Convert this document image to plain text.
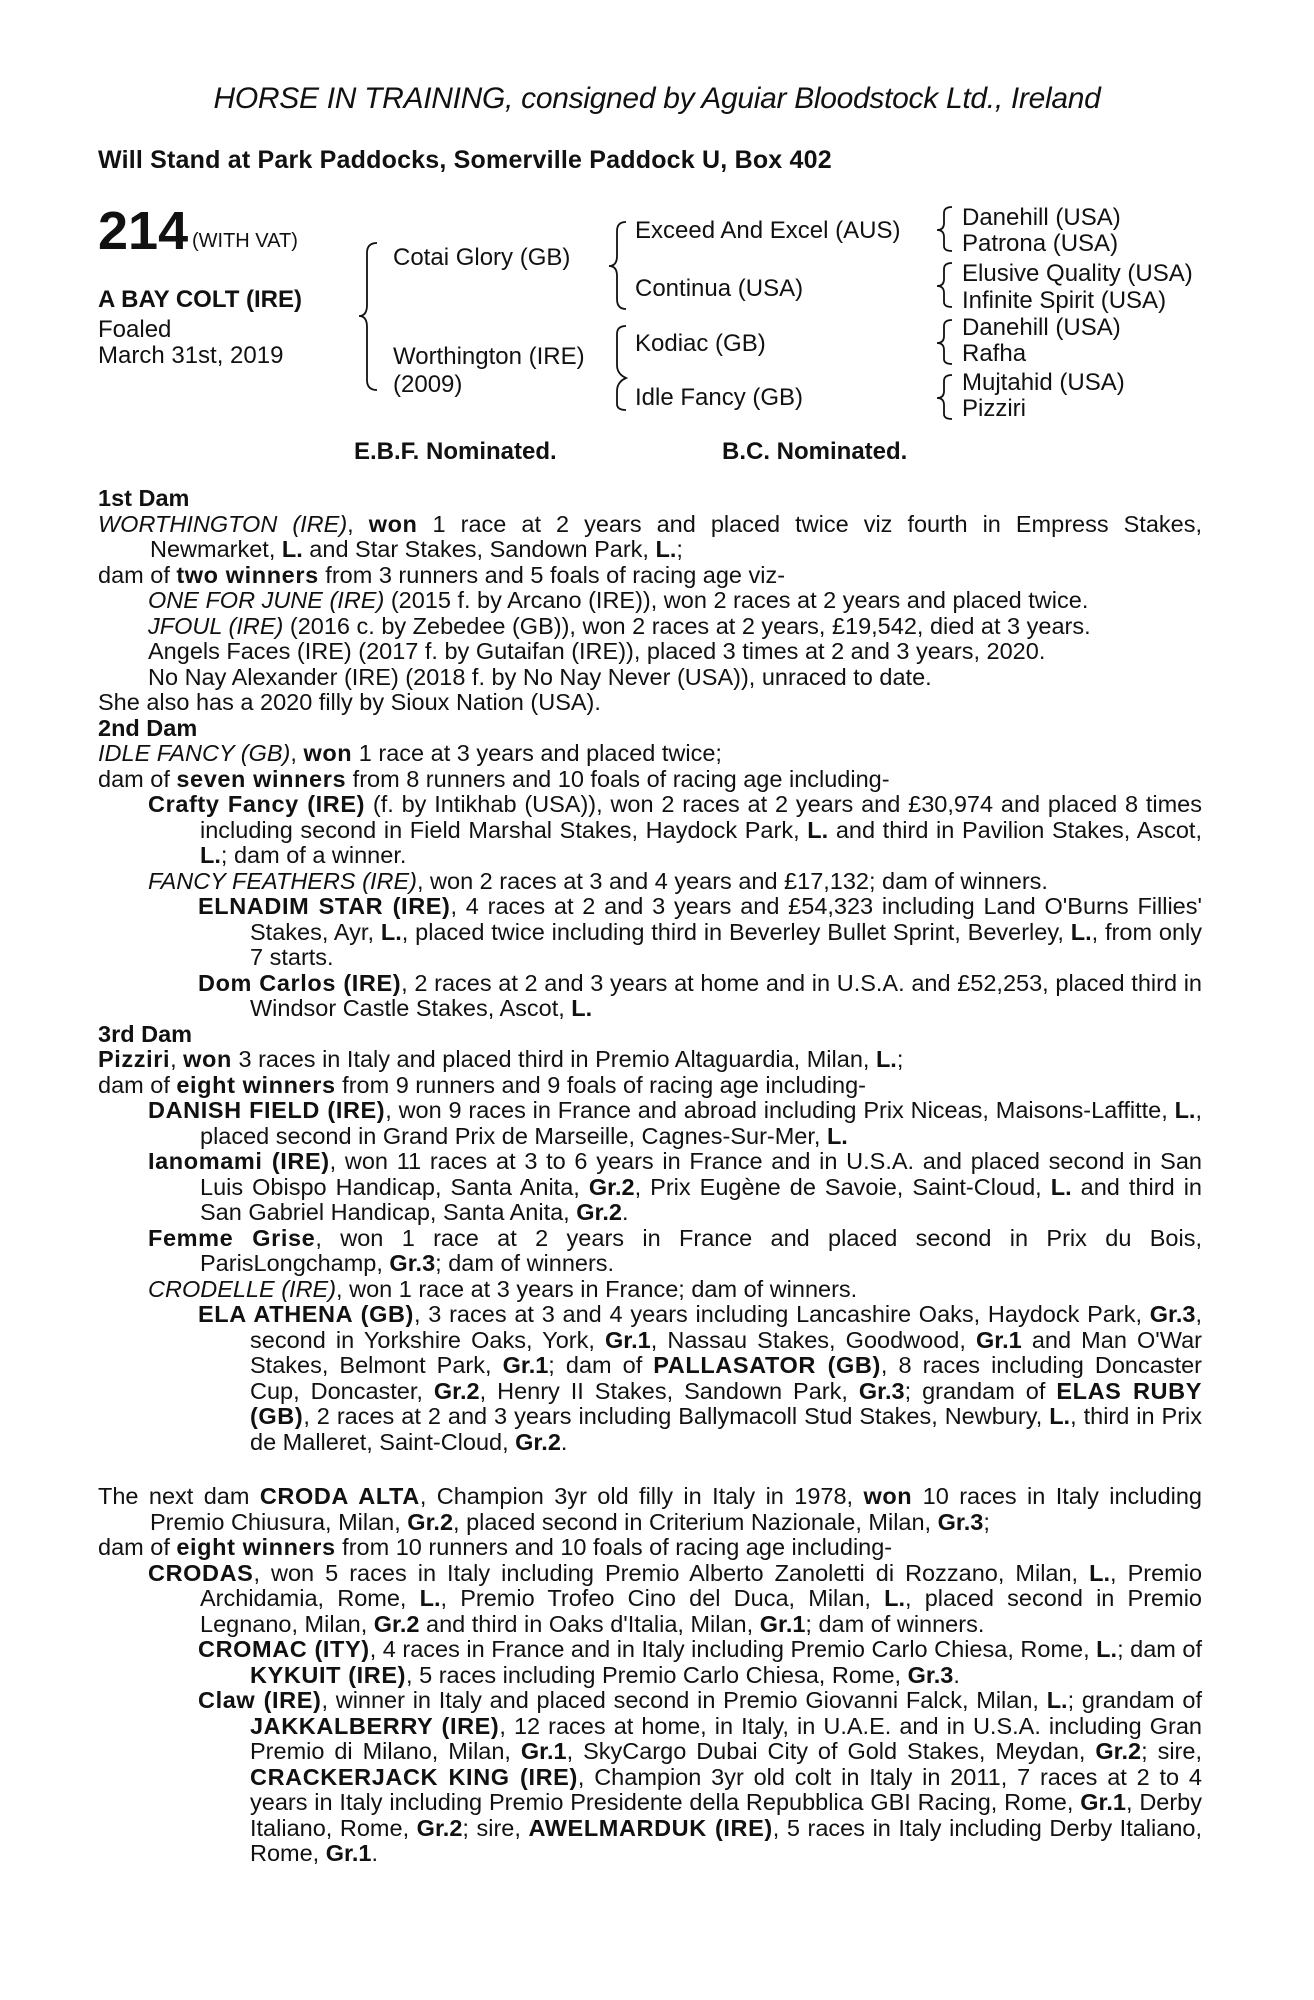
HORSE IN TRAINING, consigned by Aguiar Bloodstock Ltd., Ireland
Will Stand at Park Paddocks, Somerville Paddock U, Box 402
214 (WITH VAT)
A BAY COLT (IRE)
Foaled
March 31st, 2019
Cotai Glory (GB)
Worthington (IRE)
(2009)
Exceed And Excel (AUS)
Continua (USA)
Kodiac (GB)
Idle Fancy (GB)
Danehill (USA)
Patrona (USA)
Elusive Quality (USA)
Infinite Spirit (USA)
Danehill (USA)
Rafha
Mujtahid (USA)
Pizziri
E.B.F. Nominated.	B.C. Nominated.
1st Dam

WORTHINGTON (IRE), won 1 race at 2 years and placed twice viz fourth in Empress Stakes, Newmarket, L. and Star Stakes, Sandown Park, L.;

dam of two winners from 3 runners and 5 foals of racing age viz-

ONE FOR JUNE (IRE) (2015 f. by Arcano (IRE)), won 2 races at 2 years and placed twice.

JFOUL (IRE) (2016 c. by Zebedee (GB)), won 2 races at 2 years, £19,542, died at 3 years.

Angels Faces (IRE) (2017 f. by Gutaifan (IRE)), placed 3 times at 2 and 3 years, 2020.

No Nay Alexander (IRE) (2018 f. by No Nay Never (USA)), unraced to date.

She also has a 2020 filly by Sioux Nation (USA).

2nd Dam

IDLE FANCY (GB), won 1 race at 3 years and placed twice;

dam of seven winners from 8 runners and 10 foals of racing age including-

Crafty Fancy (IRE) (f. by Intikhab (USA)), won 2 races at 2 years and £30,974 and placed 8 times including second in Field Marshal Stakes, Haydock Park, L. and third in Pavilion Stakes, Ascot, L.; dam of a winner.

FANCY FEATHERS (IRE), won 2 races at 3 and 4 years and £17,132; dam of winners.

ELNADIM STAR (IRE), 4 races at 2 and 3 years and £54,323 including Land O'Burns Fillies' Stakes, Ayr, L., placed twice including third in Beverley Bullet Sprint, Beverley, L., from only 7 starts.

Dom Carlos (IRE), 2 races at 2 and 3 years at home and in U.S.A. and £52,253, placed third in Windsor Castle Stakes, Ascot, L.

3rd Dam

Pizziri, won 3 races in Italy and placed third in Premio Altaguardia, Milan, L.;

dam of eight winners from 9 runners and 9 foals of racing age including-

DANISH FIELD (IRE), won 9 races in France and abroad including Prix Niceas, Maisons-Laffitte, L., placed second in Grand Prix de Marseille, Cagnes-Sur-Mer, L.

Ianomami (IRE), won 11 races at 3 to 6 years in France and in U.S.A. and placed second in San Luis Obispo Handicap, Santa Anita, Gr.2, Prix Eugène de Savoie, Saint-Cloud, L. and third in San Gabriel Handicap, Santa Anita, Gr.2.

Femme Grise, won 1 race at 2 years in France and placed second in Prix du Bois, ParisLongchamp, Gr.3; dam of winners.

CRODELLE (IRE), won 1 race at 3 years in France; dam of winners.

ELA ATHENA (GB), 3 races at 3 and 4 years including Lancashire Oaks, Haydock Park, Gr.3, second in Yorkshire Oaks, York, Gr.1, Nassau Stakes, Goodwood, Gr.1 and Man O'War Stakes, Belmont Park, Gr.1; dam of PALLASATOR (GB), 8 races including Doncaster Cup, Doncaster, Gr.2, Henry II Stakes, Sandown Park, Gr.3; grandam of ELAS RUBY (GB), 2 races at 2 and 3 years including Ballymacoll Stud Stakes, Newbury, L., third in Prix de Malleret, Saint-Cloud, Gr.2.

The next dam CRODA ALTA, Champion 3yr old filly in Italy in 1978, won 10 races in Italy including Premio Chiusura, Milan, Gr.2, placed second in Criterium Nazionale, Milan, Gr.3;

dam of eight winners from 10 runners and 10 foals of racing age including-

CRODAS, won 5 races in Italy including Premio Alberto Zanoletti di Rozzano, Milan, L., Premio Archidamia, Rome, L., Premio Trofeo Cino del Duca, Milan, L., placed second in Premio Legnano, Milan, Gr.2 and third in Oaks d'Italia, Milan, Gr.1; dam of winners.

CROMAC (ITY), 4 races in France and in Italy including Premio Carlo Chiesa, Rome, L.; dam of KYKUIT (IRE), 5 races including Premio Carlo Chiesa, Rome, Gr.3.

Claw (IRE), winner in Italy and placed second in Premio Giovanni Falck, Milan, L.; grandam of JAKKALBERRY (IRE), 12 races at home, in Italy, in U.A.E. and in U.S.A. including Gran Premio di Milano, Milan, Gr.1, SkyCargo Dubai City of Gold Stakes, Meydan, Gr.2; sire, CRACKERJACK KING (IRE), Champion 3yr old colt in Italy in 2011, 7 races at 2 to 4 years in Italy including Premio Presidente della Repubblica GBI Racing, Rome, Gr.1, Derby Italiano, Rome, Gr.2; sire, AWELMARDUK (IRE), 5 races in Italy including Derby Italiano, Rome, Gr.1.
